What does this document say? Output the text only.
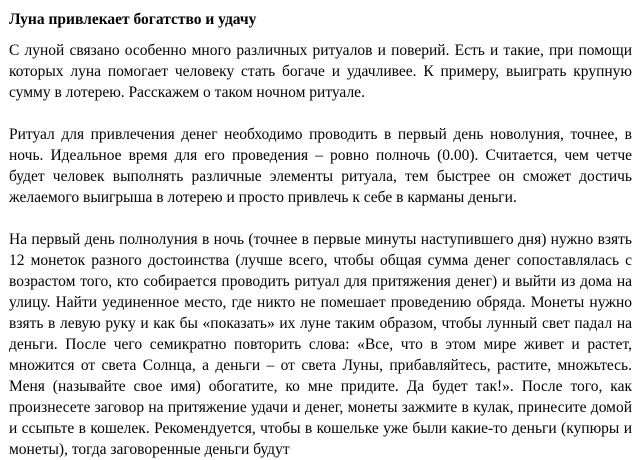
Луна привлекает богатство и удачу

С луной связано особенно много различных ритуалов и поверий. Есть и такие, при помощи которых луна помогает человеку стать богаче и удачливее. К примеру, выиграть крупную сумму в лотерею. Расскажем о таком ночном ритуале.

Ритуал для привлечения денег необходимо проводить в первый день новолуния, точнее, в ночь. Идеальное время для его проведения – ровно полночь (0.00). Считается, чем четче будет человек выполнять различные элементы ритуала, тем быстрее он сможет достичь желаемого выигрыша в лотерею и просто привлечь к себе в карманы деньги.

На первый день полнолуния в ночь (точнее в первые минуты наступившего дня) нужно взять 12 монеток разного достоинства (лучше всего, чтобы общая сумма денег сопоставлялась с возрастом того, кто собирается проводить ритуал для притяжения денег) и выйти из дома на улицу. Найти уединенное место, где никто не помешает проведению обряда. Монеты нужно взять в левую руку и как бы «показать» их луне таким образом, чтобы лунный свет падал на деньги. После чего семикратно повторить слова: «Все, что в этом мире живет и растет, множится от света Солнца, а деньги – от света Луны, прибавляйтесь, растите, множьтесь. Меня (называйте свое имя) обогатите, ко мне придите. Да будет так!». После того, как произнесете заговор на притяжение удачи и денег, монеты зажмите в кулак, принесите домой и ссыпьте в кошелек. Рекомендуется, чтобы в кошельке уже были какие-то деньги (купюры и монеты), тогда заговоренные деньги будут
